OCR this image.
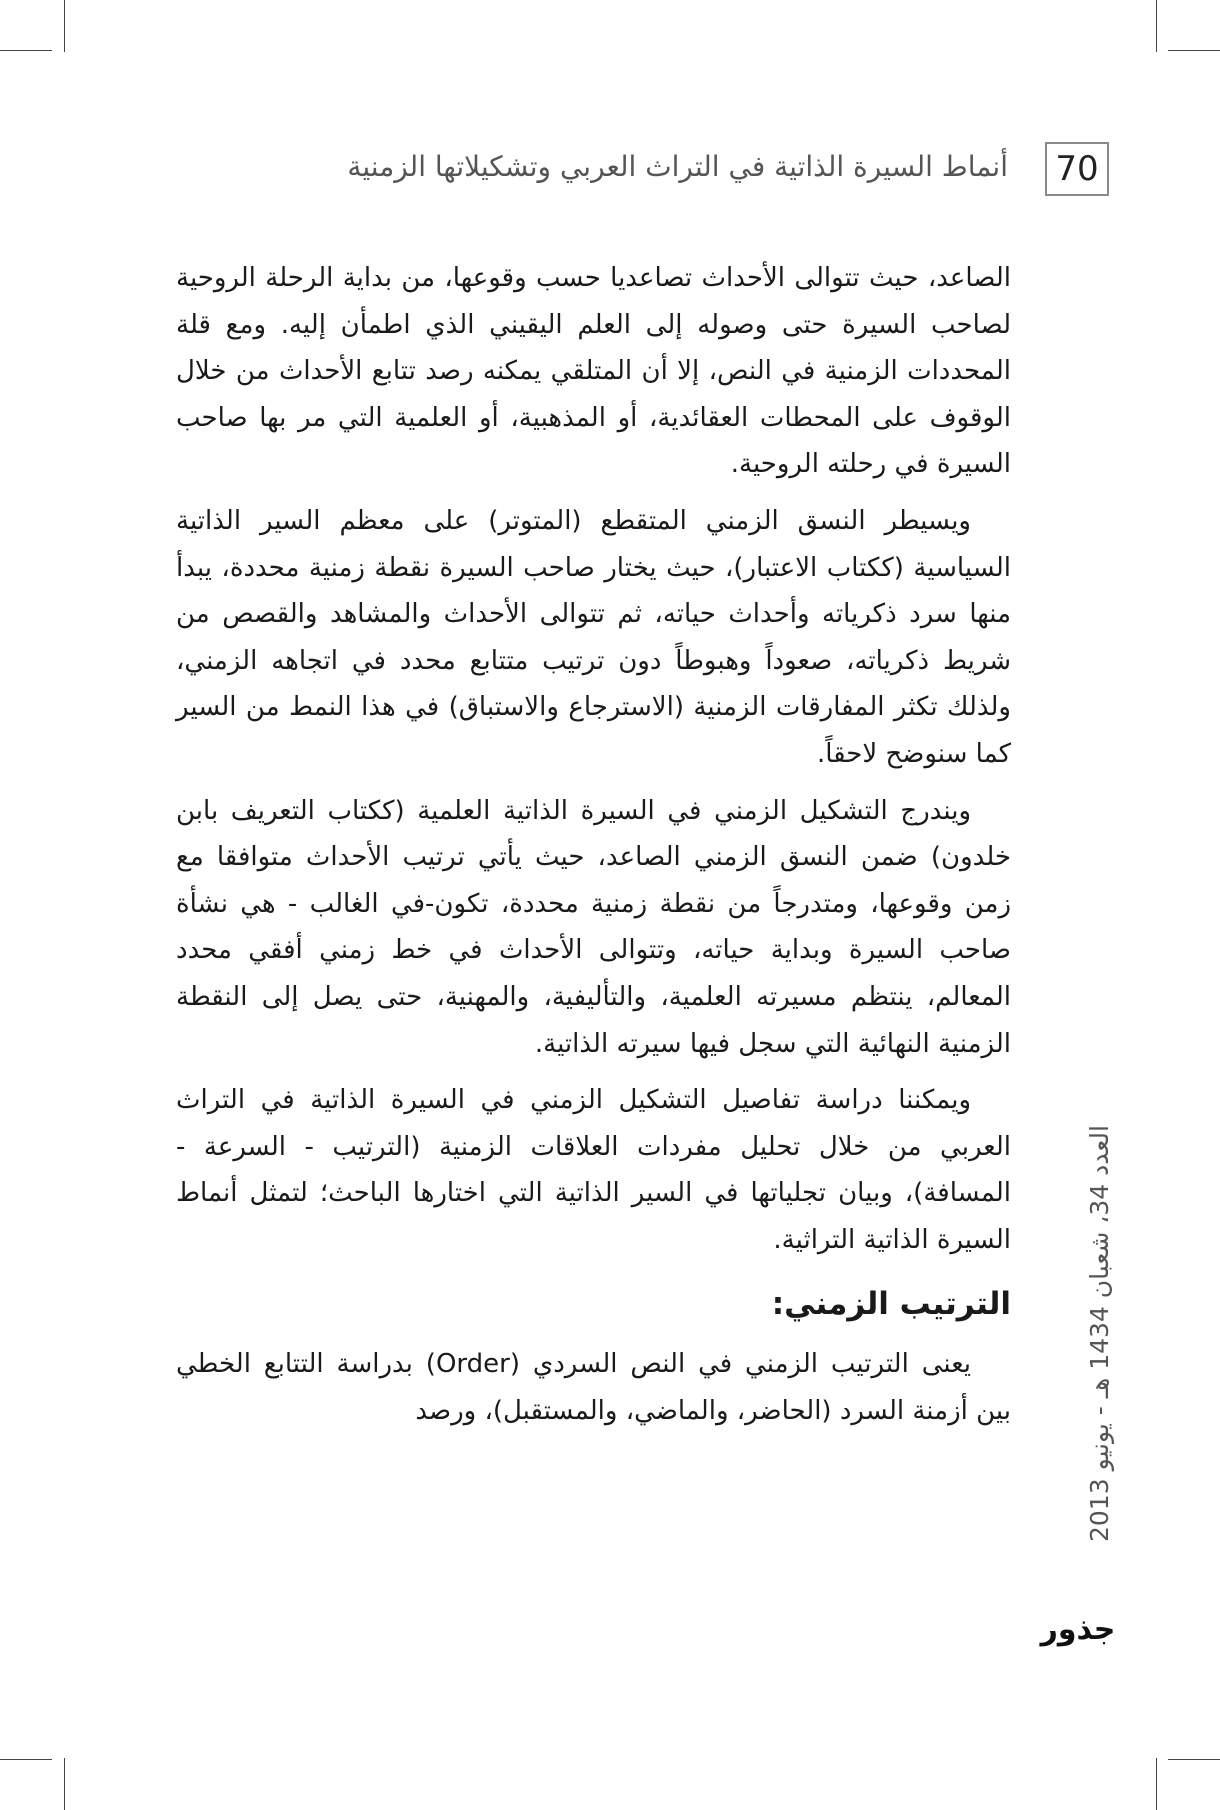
70
أنماط السيرة الذاتية في التراث العربي وتشكيلاتها الزمنية

الصاعد، حيث تتوالى الأحداث تصاعديا حسب وقوعها، من بداية الرحلة الروحية لصاحب السيرة حتى وصوله إلى العلم اليقيني الذي اطمأن إليه. ومع قلة المحددات الزمنية في النص، إلا أن المتلقي يمكنه رصد تتابع الأحداث من خلال الوقوف على المحطات العقائدية، أو المذهبية، أو العلمية التي مر بها صاحب السيرة في رحلته الروحية.

ويسيطر النسق الزمني المتقطع (المتوتر) على معظم السير الذاتية السياسية (ككتاب الاعتبار)، حيث يختار صاحب السيرة نقطة زمنية محددة، يبدأ منها سرد ذكرياته وأحداث حياته، ثم تتوالى الأحداث والمشاهد والقصص من شريط ذكرياته، صعوداً وهبوطاً دون ترتيب متتابع محدد في اتجاهه الزمني، ولذلك تكثر المفارقات الزمنية (الاسترجاع والاستباق) في هذا النمط من السير كما سنوضح لاحقاً.

ويندرج التشكيل الزمني في السيرة الذاتية العلمية (ككتاب التعريف بابن خلدون) ضمن النسق الزمني الصاعد، حيث يأتي ترتيب الأحداث متوافقا مع زمن وقوعها، ومتدرجاً من نقطة زمنية محددة، تكون-في الغالب - هي نشأة صاحب السيرة وبداية حياته، وتتوالى الأحداث في خط زمني أفقي محدد المعالم، ينتظم مسيرته العلمية، والتأليفية، والمهنية، حتى يصل إلى النقطة الزمنية النهائية التي سجل فيها سيرته الذاتية.

ويمكننا دراسة تفاصيل التشكيل الزمني في السيرة الذاتية في التراث العربي من خلال تحليل مفردات العلاقات الزمنية (الترتيب - السرعة - المسافة)، وبيان تجلياتها في السير الذاتية التي اختارها الباحث؛ لتمثل أنماط السيرة الذاتية التراثية.

الترتيب الزمني:

يعنى الترتيب الزمني في النص السردي (Order) بدراسة التتابع الخطي بين أزمنة السرد (الحاضر، والماضي، والمستقبل)، ورصد

العدد 34، شعبان 1434 هـ - يونيو 2013
جذور
